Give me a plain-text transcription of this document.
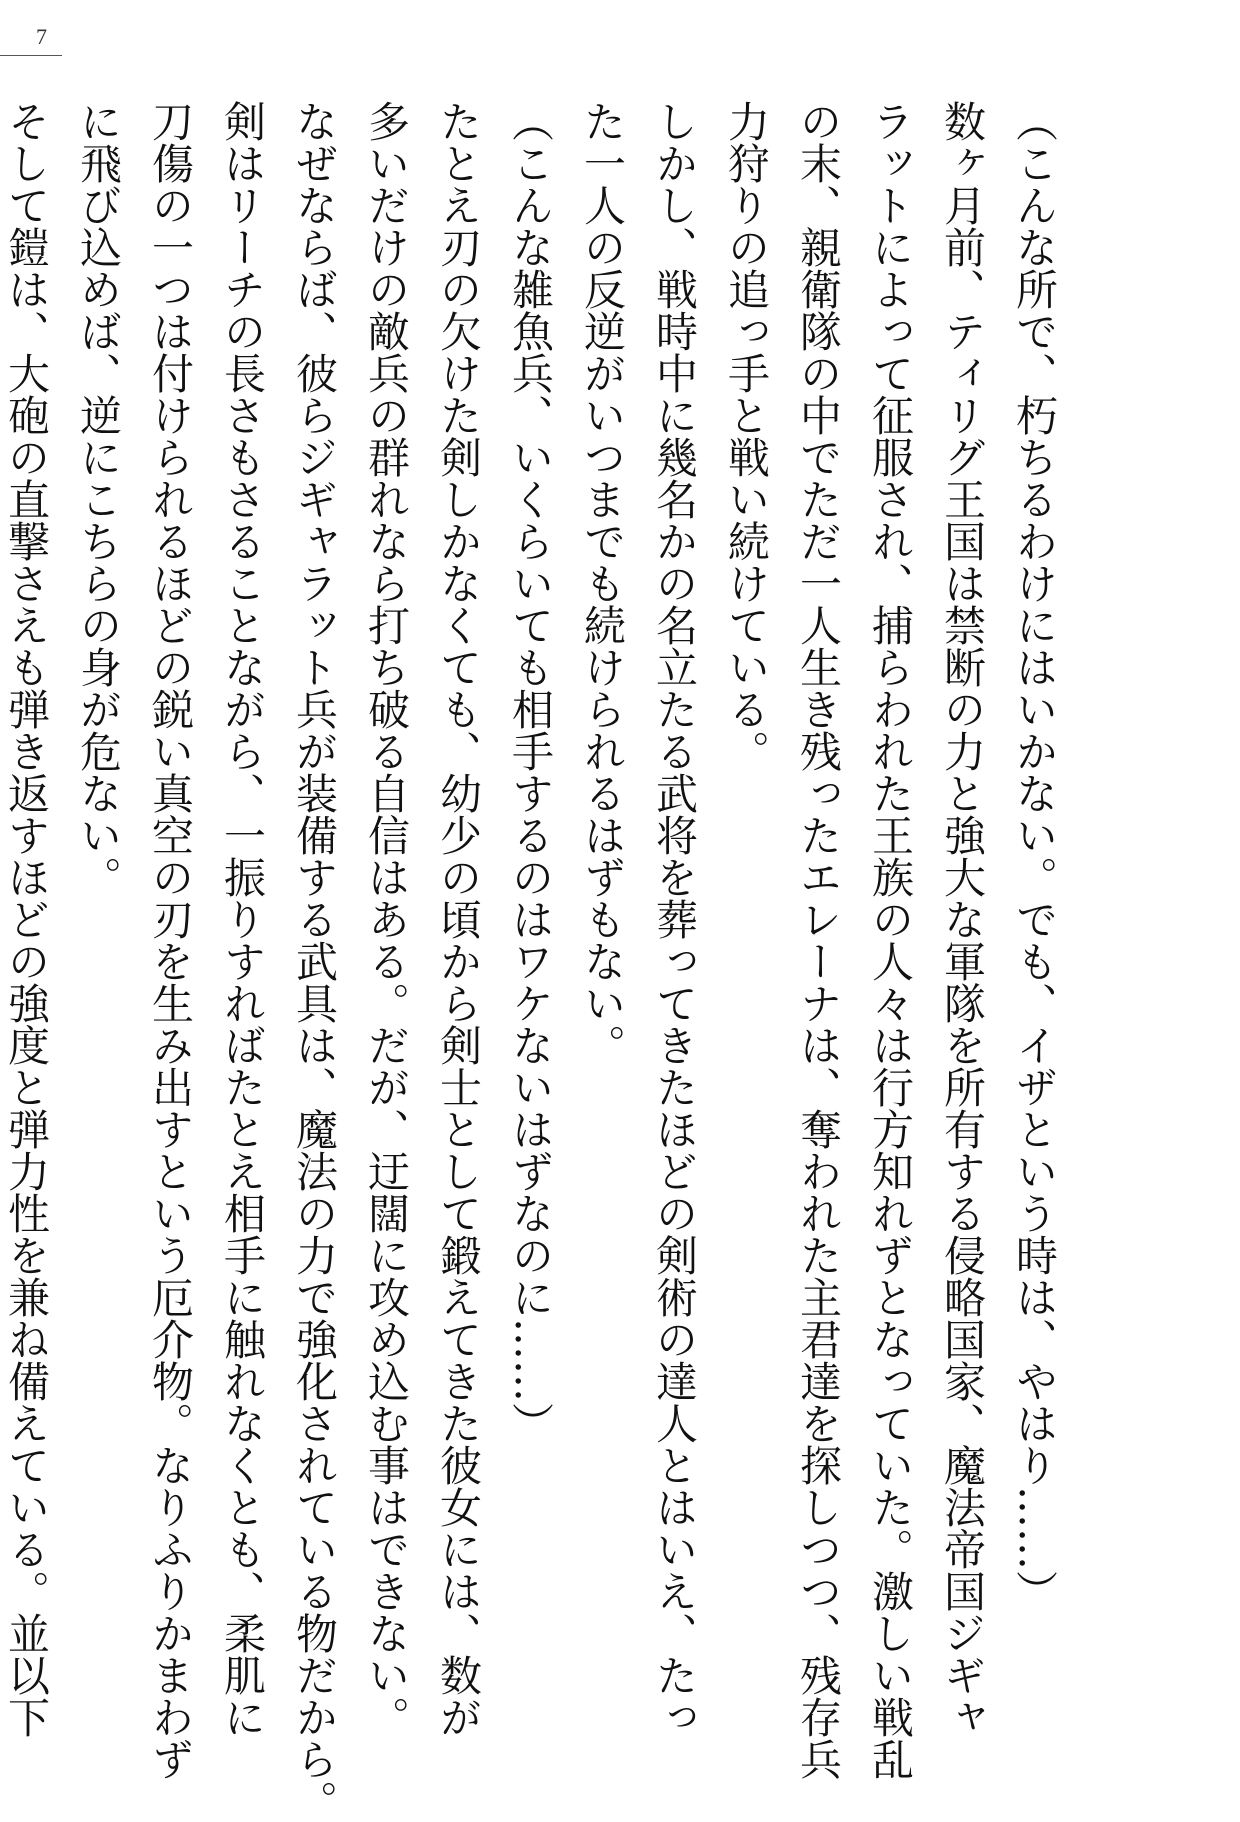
7
（こんな所で、朽ちるわけにはいかない。でも、イザという時は、やはり……）
数ヶ月前、ティリグ王国は禁断の力と強大な軍隊を所有する侵略国家、魔法帝国ジギャ
ラットによって征服され、捕らわれた王族の人々は行方知れずとなっていた。激しい戦乱
の末、親衛隊の中でただ一人生き残ったエレーナは、奪われた主君達を探しつつ、残存兵
力狩りの追っ手と戦い続けている。
しかし、戦時中に幾名かの名立たる武将を葬ってきたほどの剣術の達人とはいえ、たっ
た一人の反逆がいつまでも続けられるはずもない。
（こんな雑魚兵、いくらいても相手するのはワケないはずなのに……）
たとえ刃の欠けた剣しかなくても、幼少の頃から剣士として鍛えてきた彼女には、数が
多いだけの敵兵の群れなら打ち破る自信はある。だが、迂闊に攻め込む事はできない。
なぜならば、彼らジギャラット兵が装備する武具は、魔法の力で強化されている物だから。
剣はリーチの長さもさることながら、一振りすればたとえ相手に触れなくとも、柔肌に
刀傷の一つは付けられるほどの鋭い真空の刃を生み出すという厄介物。なりふりかまわず
に飛び込めば、逆にこちらの身が危ない。
そして鎧は、大砲の直撃さえも弾き返すほどの強度と弾力性を兼ね備えている。並以下
